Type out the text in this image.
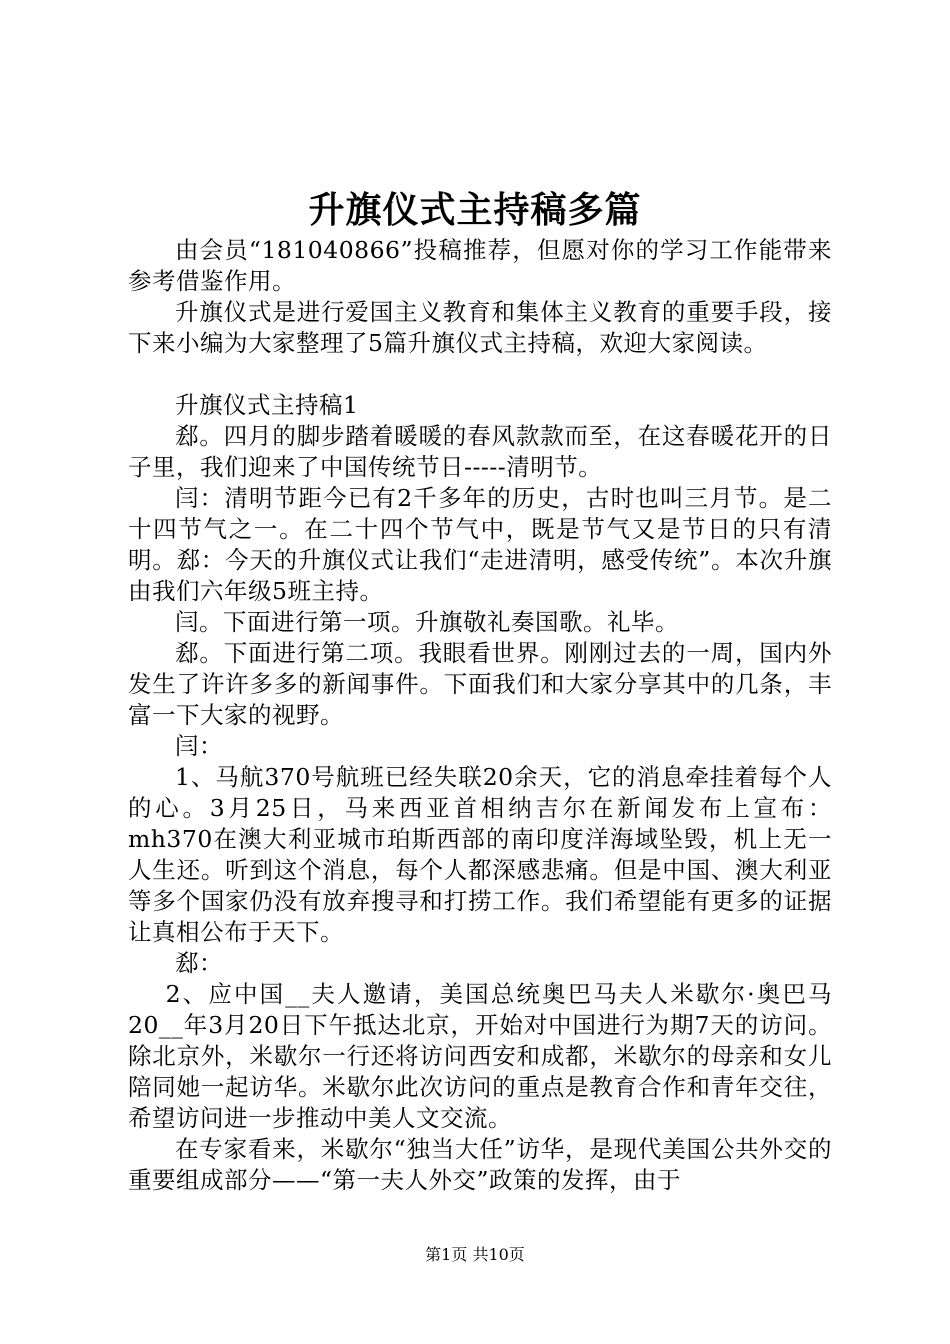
升旗仪式主持稿多篇

由会员“181040866”投稿推荐，但愿对你的学习工作能带来参考借鉴作用。

升旗仪式是进行爱国主义教育和集体主义教育的重要手段，接下来小编为大家整理了5篇升旗仪式主持稿，欢迎大家阅读。

升旗仪式主持稿1

郄。四月的脚步踏着暖暖的春风款款而至，在这春暖花开的日子里，我们迎来了中国传统节日-----清明节。

闫：清明节距今已有2千多年的历史，古时也叫三月节。是二十四节气之一。在二十四个节气中，既是节气又是节日的只有清明。郄：今天的升旗仪式让我们“走进清明，感受传统”。本次升旗由我们六年级5班主持。

闫。下面进行第一项。升旗敬礼奏国歌。礼毕。

郄。下面进行第二项。我眼看世界。刚刚过去的一周，国内外发生了许许多多的新闻事件。下面我们和大家分享其中的几条，丰富一下大家的视野。

闫：

1、马航370号航班已经失联20余天，它的消息牵挂着每个人的心。3月25日，马来西亚首相纳吉尔在新闻发布上宣布：mh370在澳大利亚城市珀斯西部的南印度洋海域坠毁，机上无一人生还。听到这个消息，每个人都深感悲痛。但是中国、澳大利亚等多个国家仍没有放弃搜寻和打捞工作。我们希望能有更多的证据让真相公布于天下。

郄：

2、应中国__夫人邀请，美国总统奥巴马夫人米歇尔·奥巴马20__年3月20日下午抵达北京，开始对中国进行为期7天的访问。除北京外，米歇尔一行还将访问西安和成都，米歇尔的母亲和女儿陪同她一起访华。米歇尔此次访问的重点是教育合作和青年交往，希望访问进一步推动中美人文交流。

在专家看来，米歇尔“独当大任”访华，是现代美国公共外交的重要组成部分——“第一夫人外交”政策的发挥，由于

第1页 共10页
